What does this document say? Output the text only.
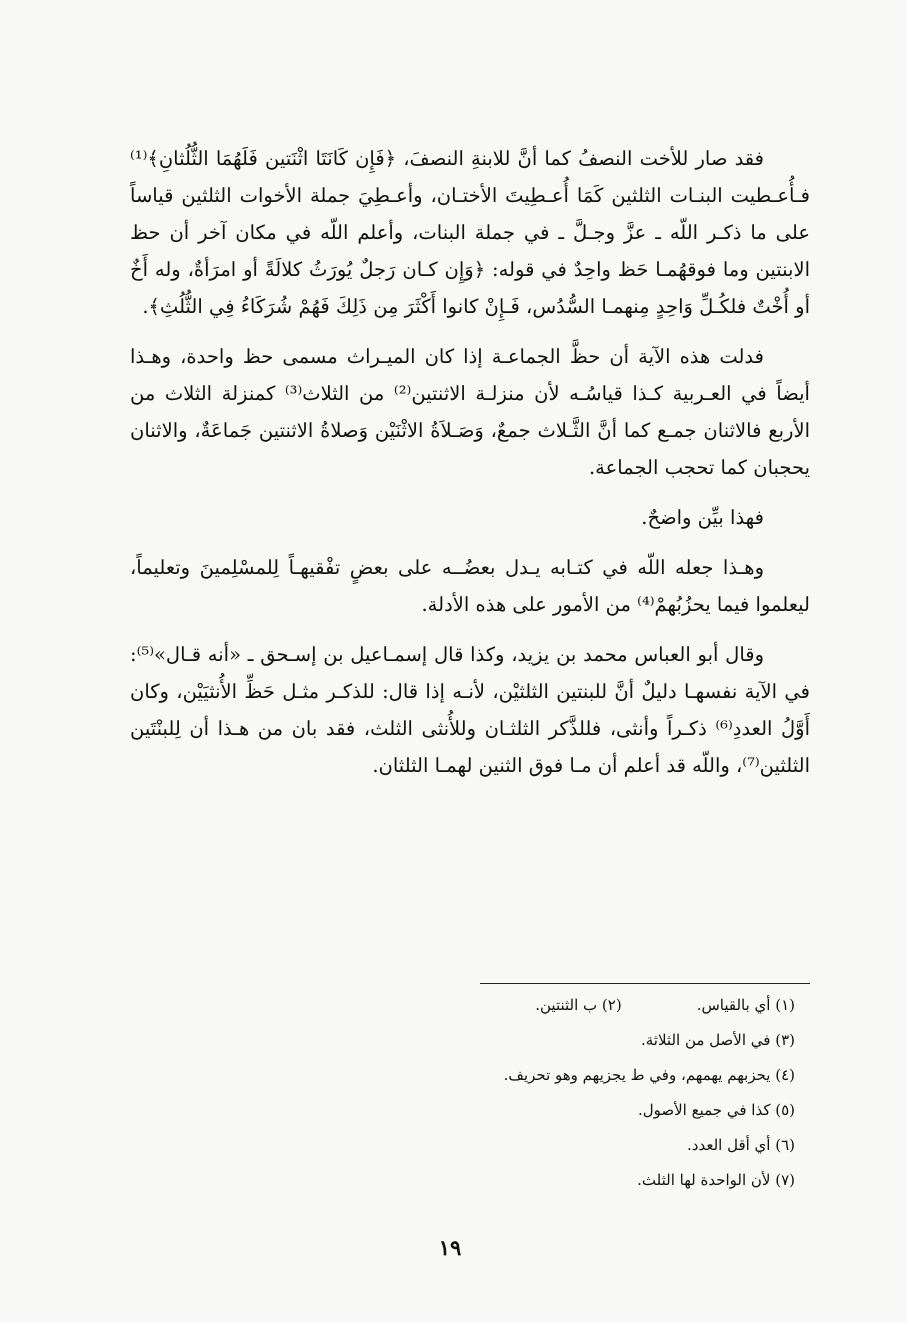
فقد صار للأخت النصفُ كما أنَّ للابنةِ النصفَ، ﴿فَإِن كَانَتَا اثْنَتين فَلَهُمَا الثُّلُثانِ﴾⁽¹⁾ فـأُعـطيت البنـات الثلثين كَمَا أُعـطِيتَ الأختـان، وأعـطِيَ جملة الأخوات الثلثين قياساً على ما ذكـر اللّه ـ عزَّ وجـلَّ ـ في جملة البنات، وأعلم اللّه في مكان آخر أن حظ الابنتين وما فوقهُمـا حَظ واحِدٌ في قوله: ﴿وَإِن كـان رَجلٌ يُورَثُ كلالَةً أو امرَأةٌ، وله أَخٌ أو أُخْتٌ فلكُـلِّ وَاحِدٍ مِنهمـا السُّدُس، فَـإِنْ كانوا أَكْثَرَ مِن ذَلِكَ فَهُمْ شُرَكَاءُ فِي الثُّلُثِ﴾.

فدلت هذه الآية أن حظَّ الجماعـة إذا كان الميـراث مسمى حظ واحدة، وهـذا أيضاً في العـربية كـذا قياسُـه لأن منزلـة الاثنتين⁽²⁾ من الثلاث⁽³⁾ كمنزلة الثلاث من الأربع فالاثنان جمـع كما أنَّ الثَّـلاث جمعٌ، وَصَـلاَةُ الاثْنَيْن وَصلاةُ الاثنتين جَماعَةٌ، والاثنان يحجبان كما تحجب الجماعة.

فهذا بيِّن واضحٌ.

وهـذا جعله اللّه في كتـابه يـدل بعضُــه على بعضٍ تفْقيهـاً لِلمسْلِمينَ وتعليماً، ليعلموا فيما يحزُبُهمْ⁽⁴⁾ من الأمور على هذه الأدلة.

وقال أبو العباس محمد بن يزيد، وكذا قال إسمـاعيل بن إسـحق ـ «أنه قـال»⁽⁵⁾: في الآية نفسهـا دليلٌ أنَّ للبنتين الثلثيْن، لأنـه إذا قال: للذكـر مثـل حَظِّ الأُنثيَيْن، وكان أَوَّلُ العددِ⁽⁶⁾ ذكـراً وأنثى، فللذَّكر الثلثـان وللأُنثى الثلث، فقد بان من هـذا أن لِلبنْتَين الثلثين⁽⁷⁾، واللّه قد أعلم أن مـا فوق الثنين لهمـا الثلثان.

(١) أي بالقياس.
(٢) ب الثنتين.
(٣) في الأصل من الثلاثة.
(٤) يحزبهم يهمهم، وفي ط يجزيهم وهو تحريف.
(٥) كذا في جميع الأصول.
(٦) أي أقل العدد.
(٧) لأن الواحدة لها الثلث.
١٩
